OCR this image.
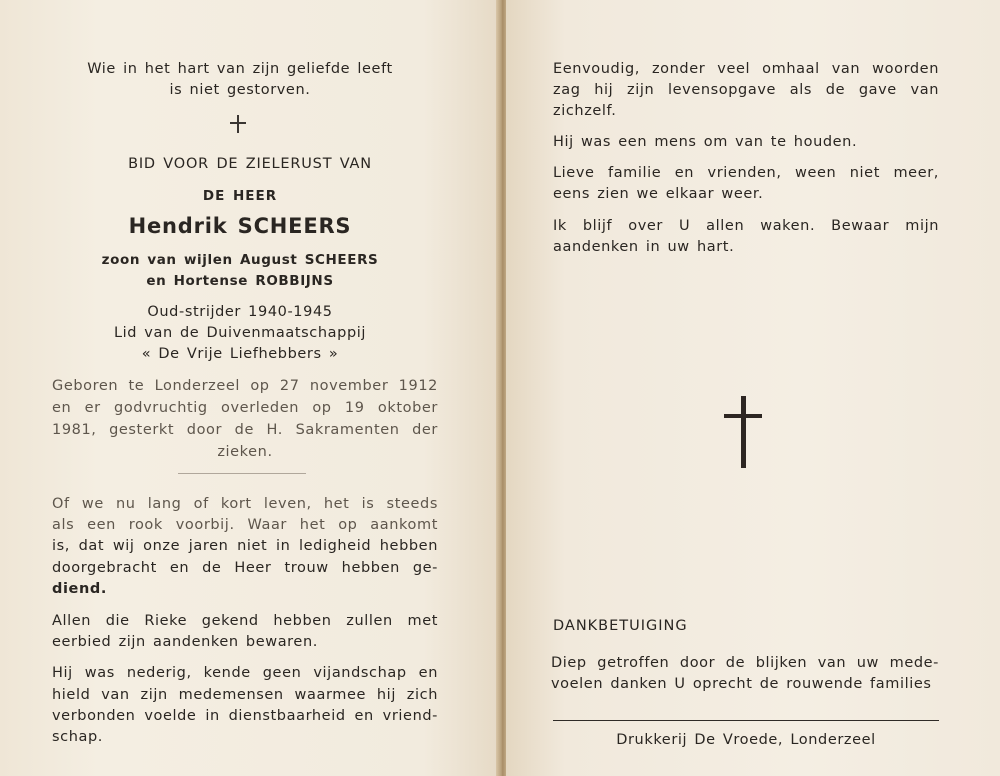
Wie in het hart van zijn geliefde leeft
is niet gestorven.
BID VOOR DE ZIELERUST VAN
DE HEER
Hendrik SCHEERS
zoon van wijlen August SCHEERS
en Hortense ROBBIJNS
Oud-strijder 1940-1945
Lid van de Duivenmaatschappij
« De Vrije Liefhebbers »
Geboren te Londerzeel op 27 november 1912
en er godvruchtig overleden op 19 oktober
1981, gesterkt door de H. Sakramenten der
zieken.
Of we nu lang of kort leven, het is steeds
als een rook voorbij. Waar het op aankomt
is, dat wij onze jaren niet in ledigheid hebben
doorgebracht en de Heer trouw hebben ge-
diend.
Allen die Rieke gekend hebben zullen met
eerbied zijn aandenken bewaren.
Hij was nederig, kende geen vijandschap en
hield van zijn medemensen waarmee hij zich
verbonden voelde in dienstbaarheid en vriend-
schap.
Eenvoudig, zonder veel omhaal van woorden
zag hij zijn levensopgave als de gave van
zichzelf.
Hij was een mens om van te houden.
Lieve familie en vrienden, ween niet meer,
eens zien we elkaar weer.
Ik blijf over U allen waken. Bewaar mijn
aandenken in uw hart.
DANKBETUIGING
Diep getroffen door de blijken van uw mede-
voelen danken U oprecht de rouwende families
Drukkerij De Vroede, Londerzeel
